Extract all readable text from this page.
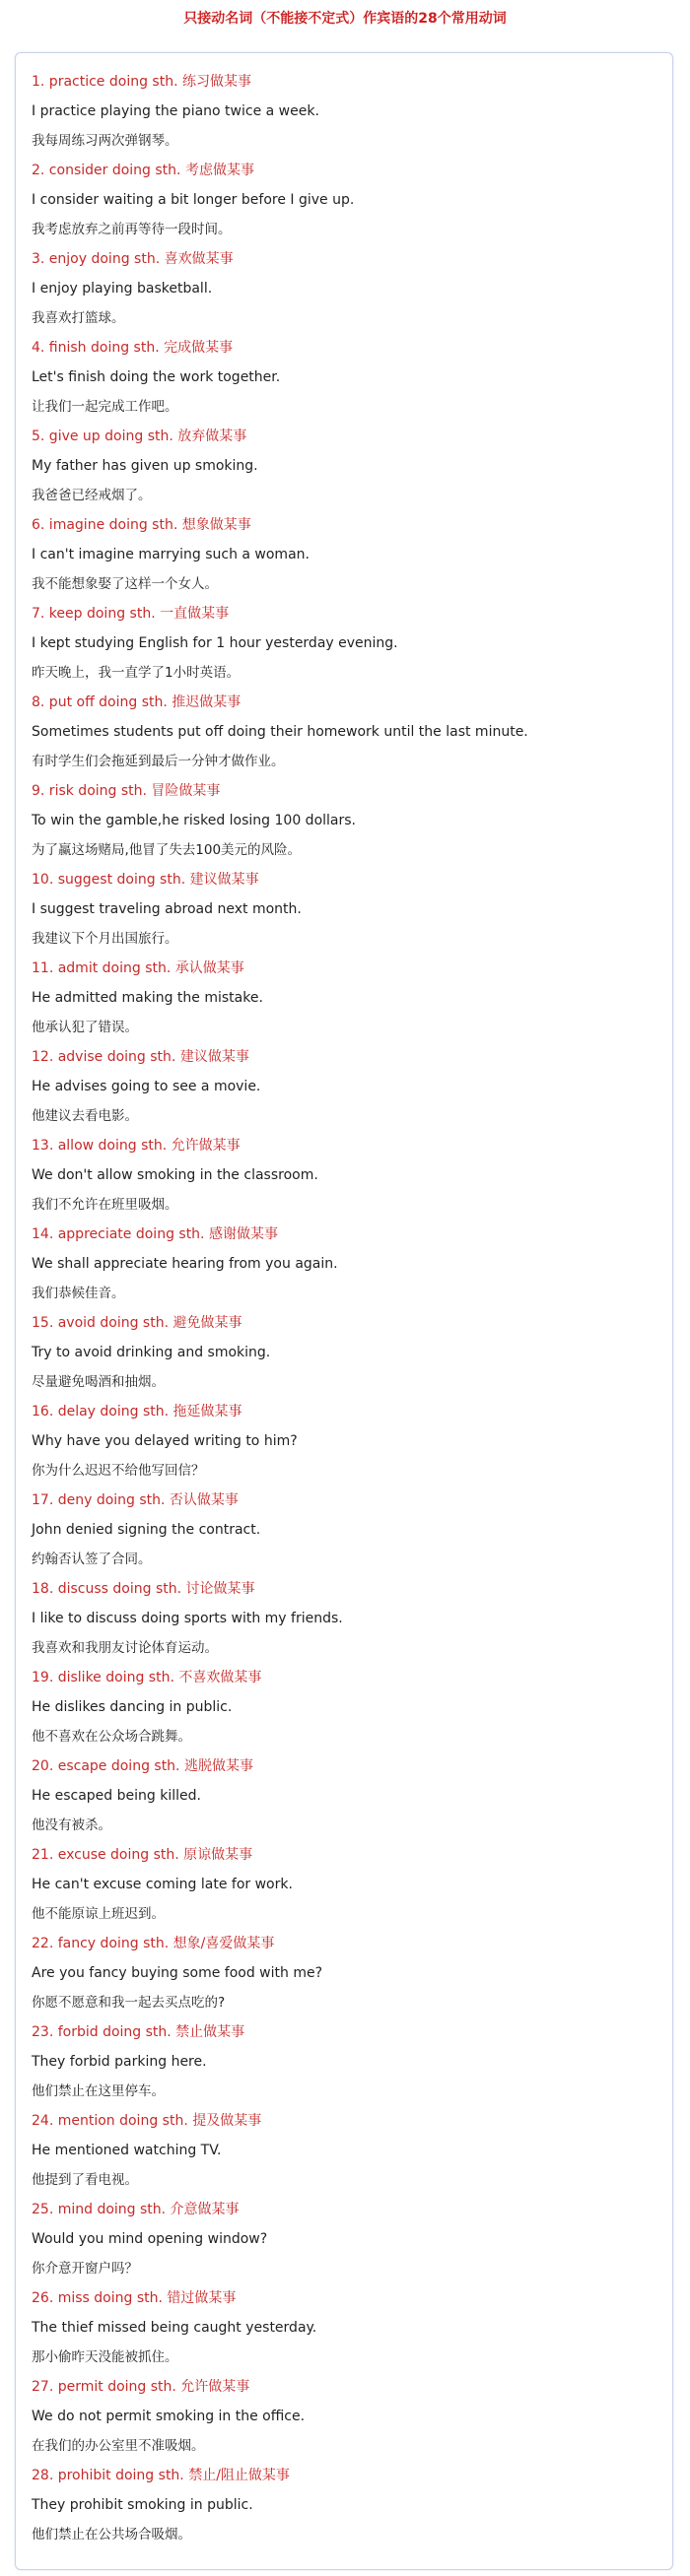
只接动名词（不能接不定式）作宾语的28个常用动词
1. practice doing sth. 练习做某事
I practice playing the piano twice a week.
我每周练习两次弹钢琴。
2. consider doing sth. 考虑做某事
I consider waiting a bit longer before I give up.
我考虑放弃之前再等待一段时间。
3. enjoy doing sth. 喜欢做某事
I enjoy playing basketball.
我喜欢打篮球。
4. finish doing sth. 完成做某事
Let's finish doing the work together.
让我们一起完成工作吧。
5. give up doing sth. 放弃做某事
My father has given up smoking.
我爸爸已经戒烟了。
6. imagine doing sth. 想象做某事
I can't imagine marrying such a woman.
我不能想象娶了这样一个女人。
7. keep doing sth. 一直做某事
I kept studying English for 1 hour yesterday evening.
昨天晚上，我一直学了1小时英语。
8. put off doing sth. 推迟做某事
Sometimes students put off doing their homework until the last minute.
有时学生们会拖延到最后一分钟才做作业。
9. risk doing sth. 冒险做某事
To win the gamble,he risked losing 100 dollars.
为了赢这场赌局,他冒了失去100美元的风险。
10. suggest doing sth. 建议做某事
I suggest traveling abroad next month.
我建议下个月出国旅行。
11. admit doing sth. 承认做某事
He admitted making the mistake.
他承认犯了错误。
12. advise doing sth. 建议做某事
He advises going to see a movie.
他建议去看电影。
13. allow doing sth. 允许做某事
We don't allow smoking in the classroom.
我们不允许在班里吸烟。
14. appreciate doing sth. 感谢做某事
We shall appreciate hearing from you again.
我们恭候佳音。
15. avoid doing sth. 避免做某事
Try to avoid drinking and smoking.
尽量避免喝酒和抽烟。
16. delay doing sth. 拖延做某事
Why have you delayed writing to him?
你为什么迟迟不给他写回信？
17. deny doing sth. 否认做某事
John denied signing the contract.
约翰否认签了合同。
18. discuss doing sth. 讨论做某事
I like to discuss doing sports with my friends.
我喜欢和我朋友讨论体育运动。
19. dislike doing sth. 不喜欢做某事
He dislikes dancing in public.
他不喜欢在公众场合跳舞。
20. escape doing sth. 逃脱做某事
He escaped being killed.
他没有被杀。
21. excuse doing sth. 原谅做某事
He can't excuse coming late for work.
他不能原谅上班迟到。
22. fancy doing sth. 想象/喜爱做某事
Are you fancy buying some food with me?
你愿不愿意和我一起去买点吃的?
23. forbid doing sth. 禁止做某事
They forbid parking here.
他们禁止在这里停车。
24. mention doing sth. 提及做某事
He mentioned watching TV.
他提到了看电视。
25. mind doing sth. 介意做某事
Would you mind opening window?
你介意开窗户吗？
26. miss doing sth. 错过做某事
The thief missed being caught yesterday.
那小偷昨天没能被抓住。
27. permit doing sth. 允许做某事
We do not permit smoking in the office.
在我们的办公室里不准吸烟。
28. prohibit doing sth. 禁止/阻止做某事
They prohibit smoking in public.
他们禁止在公共场合吸烟。
